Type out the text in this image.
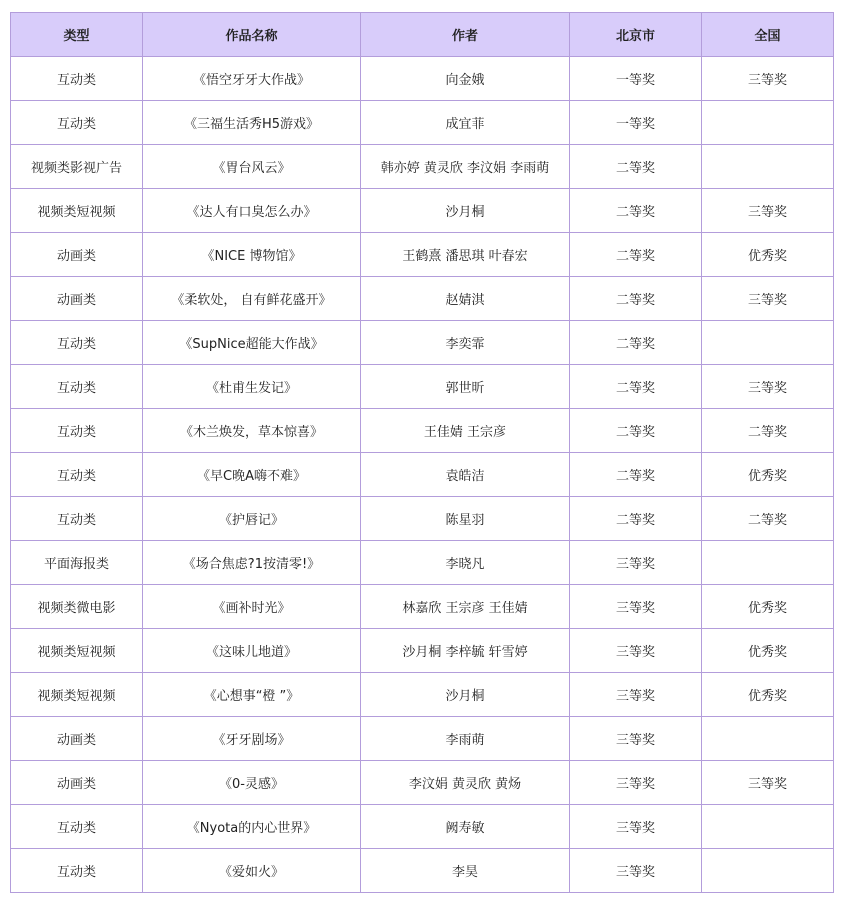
类型	作品名称	作者	北京市	全国
互动类	《悟空牙牙大作战》	向金娥	一等奖	三等奖
互动类	《三福生活秀H5游戏》	成宜菲	一等奖	
视频类影视广告	《胃台风云》	韩亦婷 黄灵欣 李汶娟 李雨萌	二等奖	
视频类短视频	《达人有口臭怎么办》	沙月桐	二等奖	三等奖
动画类	《NICE 博物馆》	王鹤熹 潘思琪 叶春宏	二等奖	优秀奖
动画类	《柔软处， 自有鲜花盛开》	赵婧淇	二等奖	三等奖
互动类	《SupNice超能大作战》	李奕霏	二等奖	
互动类	《杜甫生发记》	郭世昕	二等奖	三等奖
互动类	《木兰焕发，草本惊喜》	王佳婧 王宗彦	二等奖	二等奖
互动类	《早C晚A嗨不难》	袁皓洁	二等奖	优秀奖
互动类	《护唇记》	陈星羽	二等奖	二等奖
平面海报类	《场合焦虑?1按清零!》	李晓凡	三等奖	
视频类微电影	《画补时光》	林嘉欣 王宗彦 王佳婧	三等奖	优秀奖
视频类短视频	《这味儿地道》	沙月桐 李梓毓 轩雪婷	三等奖	优秀奖
视频类短视频	《心想事“橙 ”》	沙月桐	三等奖	优秀奖
动画类	《牙牙剧场》	李雨萌	三等奖	
动画类	《0-灵感》	李汶娟 黄灵欣 黄炀	三等奖	三等奖
互动类	《Nyota的内心世界》	阙寿敏	三等奖	
互动类	《爱如火》	李昊	三等奖	
